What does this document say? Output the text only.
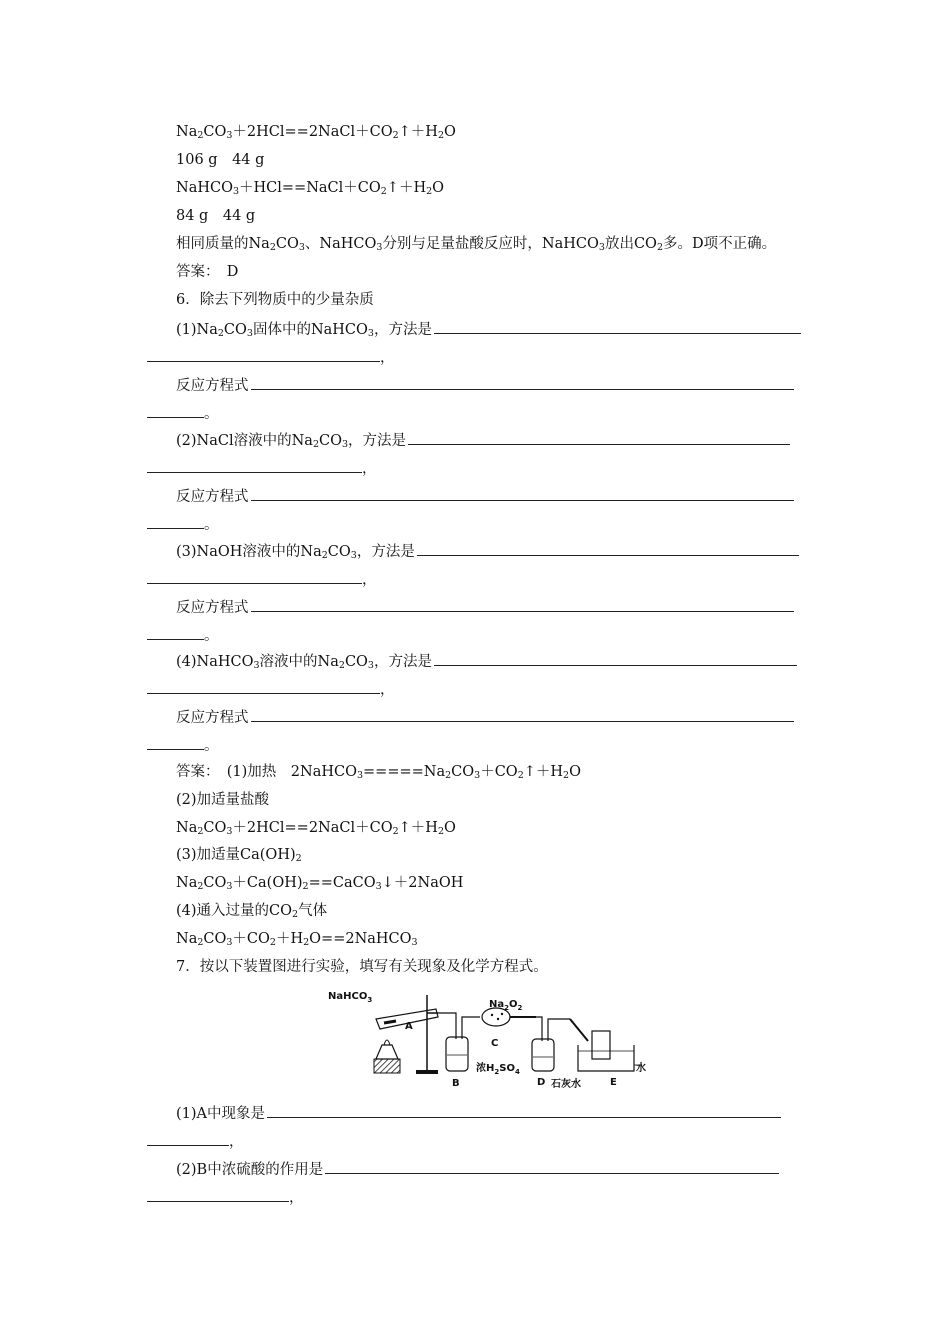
$Na_2CO_3+2HCl==2NaCl+CO_2↑+H_2O$
106 g　44 g
$NaHCO_3+HCl==NaCl+CO_2↑+H_2O$
84 g　44 g
相同质量的$Na_2CO_3$、NaHCO$_3$分别与足量盐酸反应时，NaHCO$_3$放出$CO_2$多。D项不正确。
答案：　D
6．除去下列物质中的少量杂质
$(1)Na_2CO_3$固体中的NaHCO$_3$，方法是
，
反应方程式
。
(2)NaCl溶液中的$Na_2CO_3$，方法是
，
反应方程式
。
(3)NaOH溶液中的$Na_2CO_3$，方法是
，
反应方程式
。
(4)NaHCO$_3$溶液中的$Na_2CO_3$，方法是
，
反应方程式
。
答案：　(1)加热　$2NaHCO_3=====Na_2CO_3+CO_2↑+H_2O$
(2)加适量盐酸
$Na_2CO_3+2HCl==2NaCl+CO_2↑+H_2O$
(3)加适量$Ca(OH)_2$
$Na_2CO_3+Ca(OH)_2==CaCO_3↓+2NaOH$
(4)通入过量的$CO_2$气体
$Na_2CO_3+CO_2+H_2O==2NaHCO_3$
7．按以下装置图进行实验，填写有关现象及化学方程式。
NaHCO$_3$	$Na_2O_2$
A
C
B
浓$H_2SO_4$
D 石灰水	E
水
(1)A中现象是
，
(2)B中浓硫酸的作用是
，
